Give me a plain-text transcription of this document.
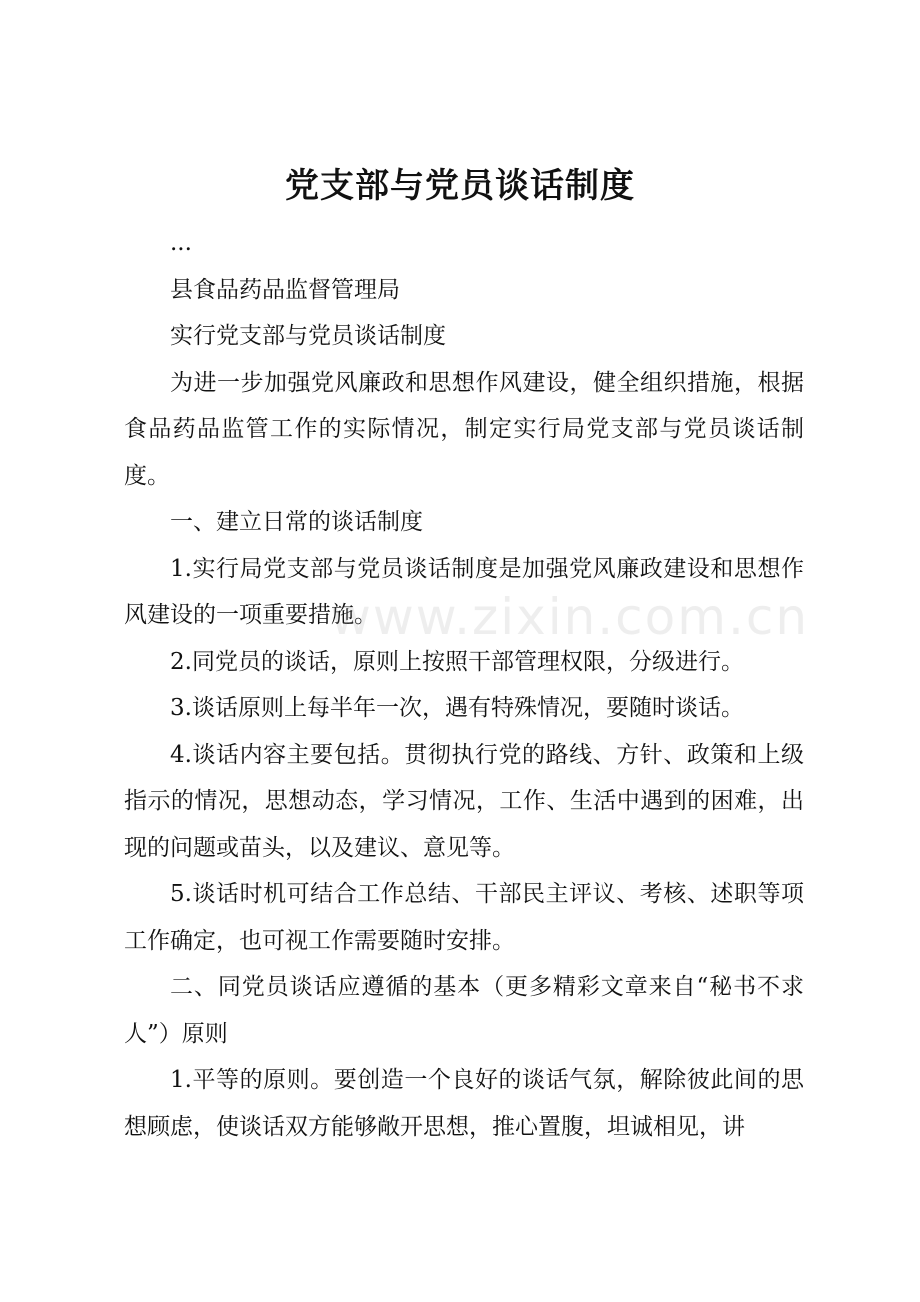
党支部与党员谈话制度

...

县食品药品监督管理局

实行党支部与党员谈话制度

为进一步加强党风廉政和思想作风建设，健全组织措施，根据食品药品监管工作的实际情况，制定实行局党支部与党员谈话制度。

一、建立日常的谈话制度

1.实行局党支部与党员谈话制度是加强党风廉政建设和思想作风建设的一项重要措施。

2.同党员的谈话，原则上按照干部管理权限，分级进行。

3.谈话原则上每半年一次，遇有特殊情况，要随时谈话。

4.谈话内容主要包括。贯彻执行党的路线、方针、政策和上级指示的情况，思想动态，学习情况，工作、生活中遇到的困难，出现的问题或苗头，以及建议、意见等。

5.谈话时机可结合工作总结、干部民主评议、考核、述职等项工作确定，也可视工作需要随时安排。

二、同党员谈话应遵循的基本（更多精彩文章来自“秘书不求人”）原则

1.平等的原则。要创造一个良好的谈话气氛，解除彼此间的思想顾虑，使谈话双方能够敞开思想，推心置腹，坦诚相见，讲

www.zixin.com.cn
